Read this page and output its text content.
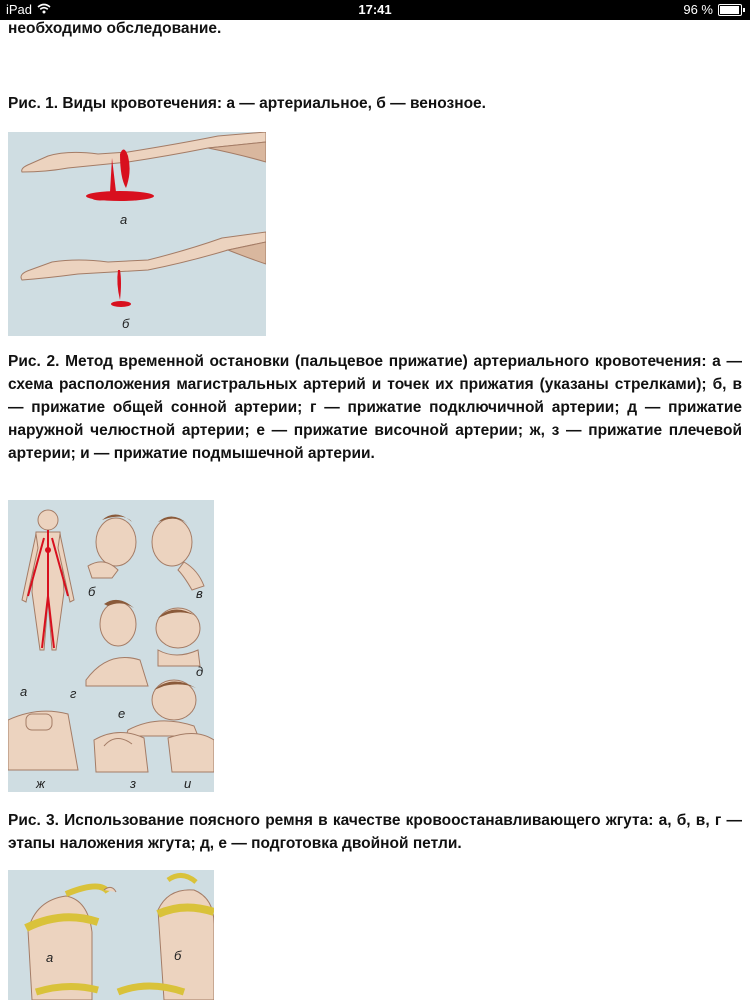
iPad	17:41	96 %
необходимо обследование.
Рис. 1. Виды кровотечения: а — артериальное, б — венозное.
а
б
Рис. 2. Метод временной остановки (пальцевое прижатие) артериального кровотечения: а — схема расположения магистральных артерий и точек их прижатия (указаны стрелками); б, в — прижатие общей сонной артерии; г — прижатие подключичной артерии; д — прижатие наружной челюстной артерии; е — прижатие височной артерии; ж, з — прижатие плечевой артерии; и — прижатие подмышечной артерии.
б	в
а	г
д
е
ж	з	и
Рис. 3. Использование поясного ремня в качестве кровоостанавливающего жгута: а, б, в, г — этапы наложения жгута; д, е — подготовка двойной петли.
а	б
